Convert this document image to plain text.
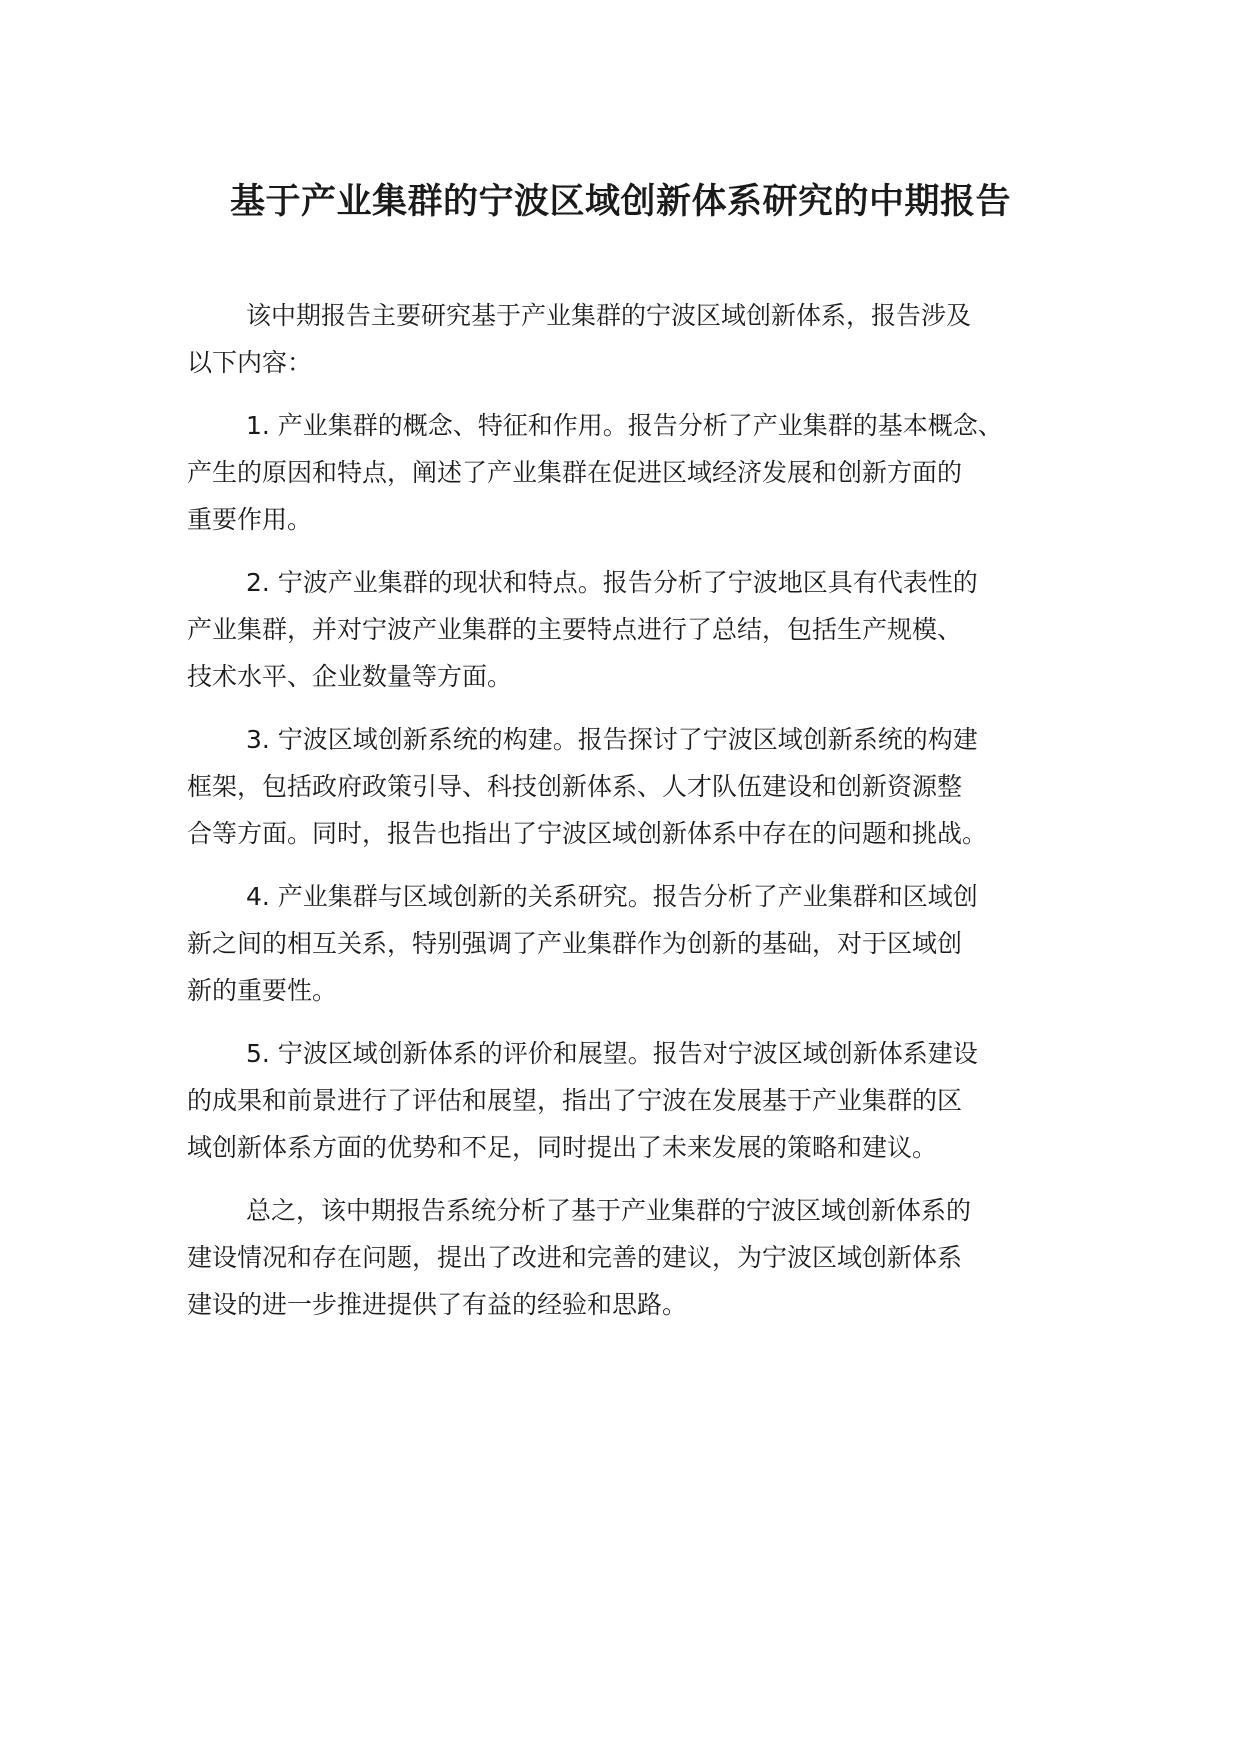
基于产业集群的宁波区域创新体系研究的中期报告

该中期报告主要研究基于产业集群的宁波区域创新体系，报告涉及
以下内容：

1. 产业集群的概念、特征和作用。报告分析了产业集群的基本概念、
产生的原因和特点，阐述了产业集群在促进区域经济发展和创新方面的
重要作用。

2. 宁波产业集群的现状和特点。报告分析了宁波地区具有代表性的
产业集群，并对宁波产业集群的主要特点进行了总结，包括生产规模、
技术水平、企业数量等方面。

3. 宁波区域创新系统的构建。报告探讨了宁波区域创新系统的构建
框架，包括政府政策引导、科技创新体系、人才队伍建设和创新资源整
合等方面。同时，报告也指出了宁波区域创新体系中存在的问题和挑战。

4. 产业集群与区域创新的关系研究。报告分析了产业集群和区域创
新之间的相互关系，特别强调了产业集群作为创新的基础，对于区域创
新的重要性。

5. 宁波区域创新体系的评价和展望。报告对宁波区域创新体系建设
的成果和前景进行了评估和展望，指出了宁波在发展基于产业集群的区
域创新体系方面的优势和不足，同时提出了未来发展的策略和建议。

总之，该中期报告系统分析了基于产业集群的宁波区域创新体系的
建设情况和存在问题，提出了改进和完善的建议，为宁波区域创新体系
建设的进一步推进提供了有益的经验和思路。
